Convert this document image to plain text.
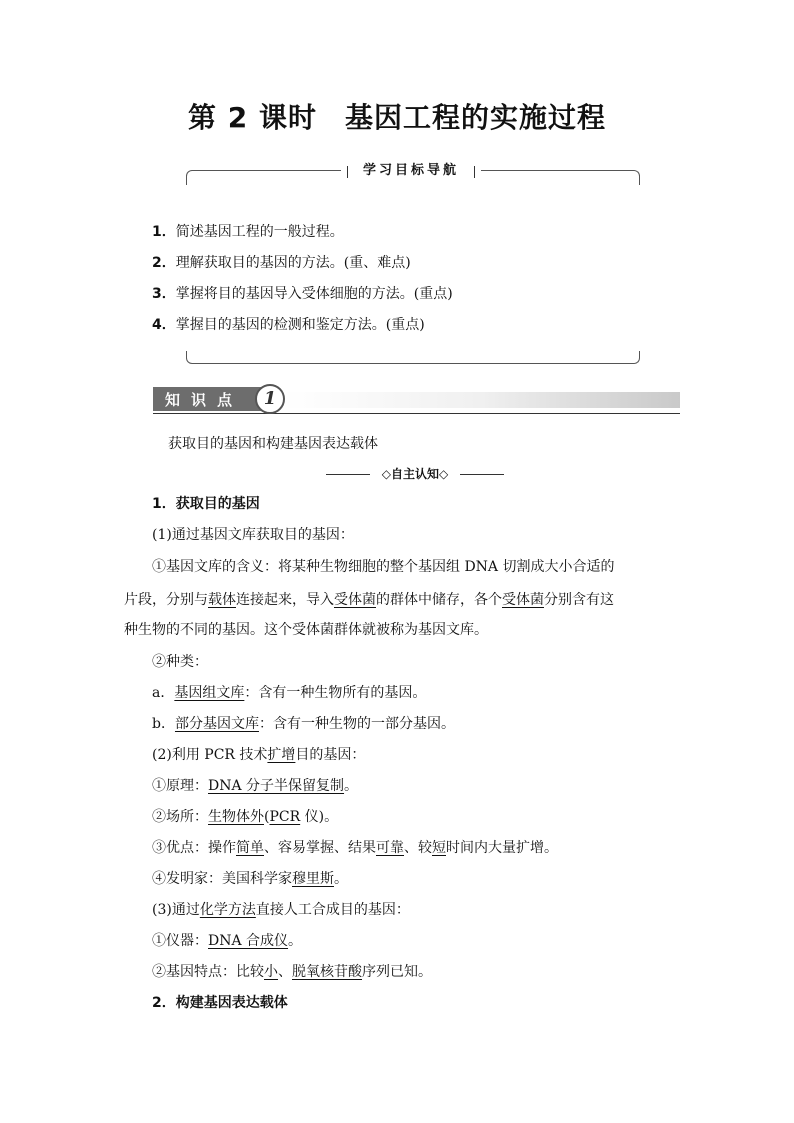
第 2 课时 基因工程的实施过程
学习目标导航
1．简述基因工程的一般过程。
2．理解获取目的基因的方法。(重、难点)
3．掌握将目的基因导入受体细胞的方法。(重点)
4．掌握目的基因的检测和鉴定方法。(重点)
知识点	1
获取目的基因和构建基因表达载体
◇自主认知◇
1．获取目的基因
(1)通过基因文库获取目的基因：
①基因文库的含义：将某种生物细胞的整个基因组 DNA 切割成大小合适的
片段，分别与载体连接起来，导入受体菌的群体中储存，各个受体菌分别含有这
种生物的不同的基因。这个受体菌群体就被称为基因文库。
②种类：
a．基因组文库：含有一种生物所有的基因。
b．部分基因文库：含有一种生物的一部分基因。
(2)利用 PCR 技术扩增目的基因：
①原理：DNA 分子半保留复制。
②场所：生物体外(PCR 仪)。
③优点：操作简单、容易掌握、结果可靠、较短时间内大量扩增。
④发明家：美国科学家穆里斯。
(3)通过化学方法直接人工合成目的基因：
①仪器：DNA 合成仪。
②基因特点：比较小、脱氧核苷酸序列已知。
2．构建基因表达载体
